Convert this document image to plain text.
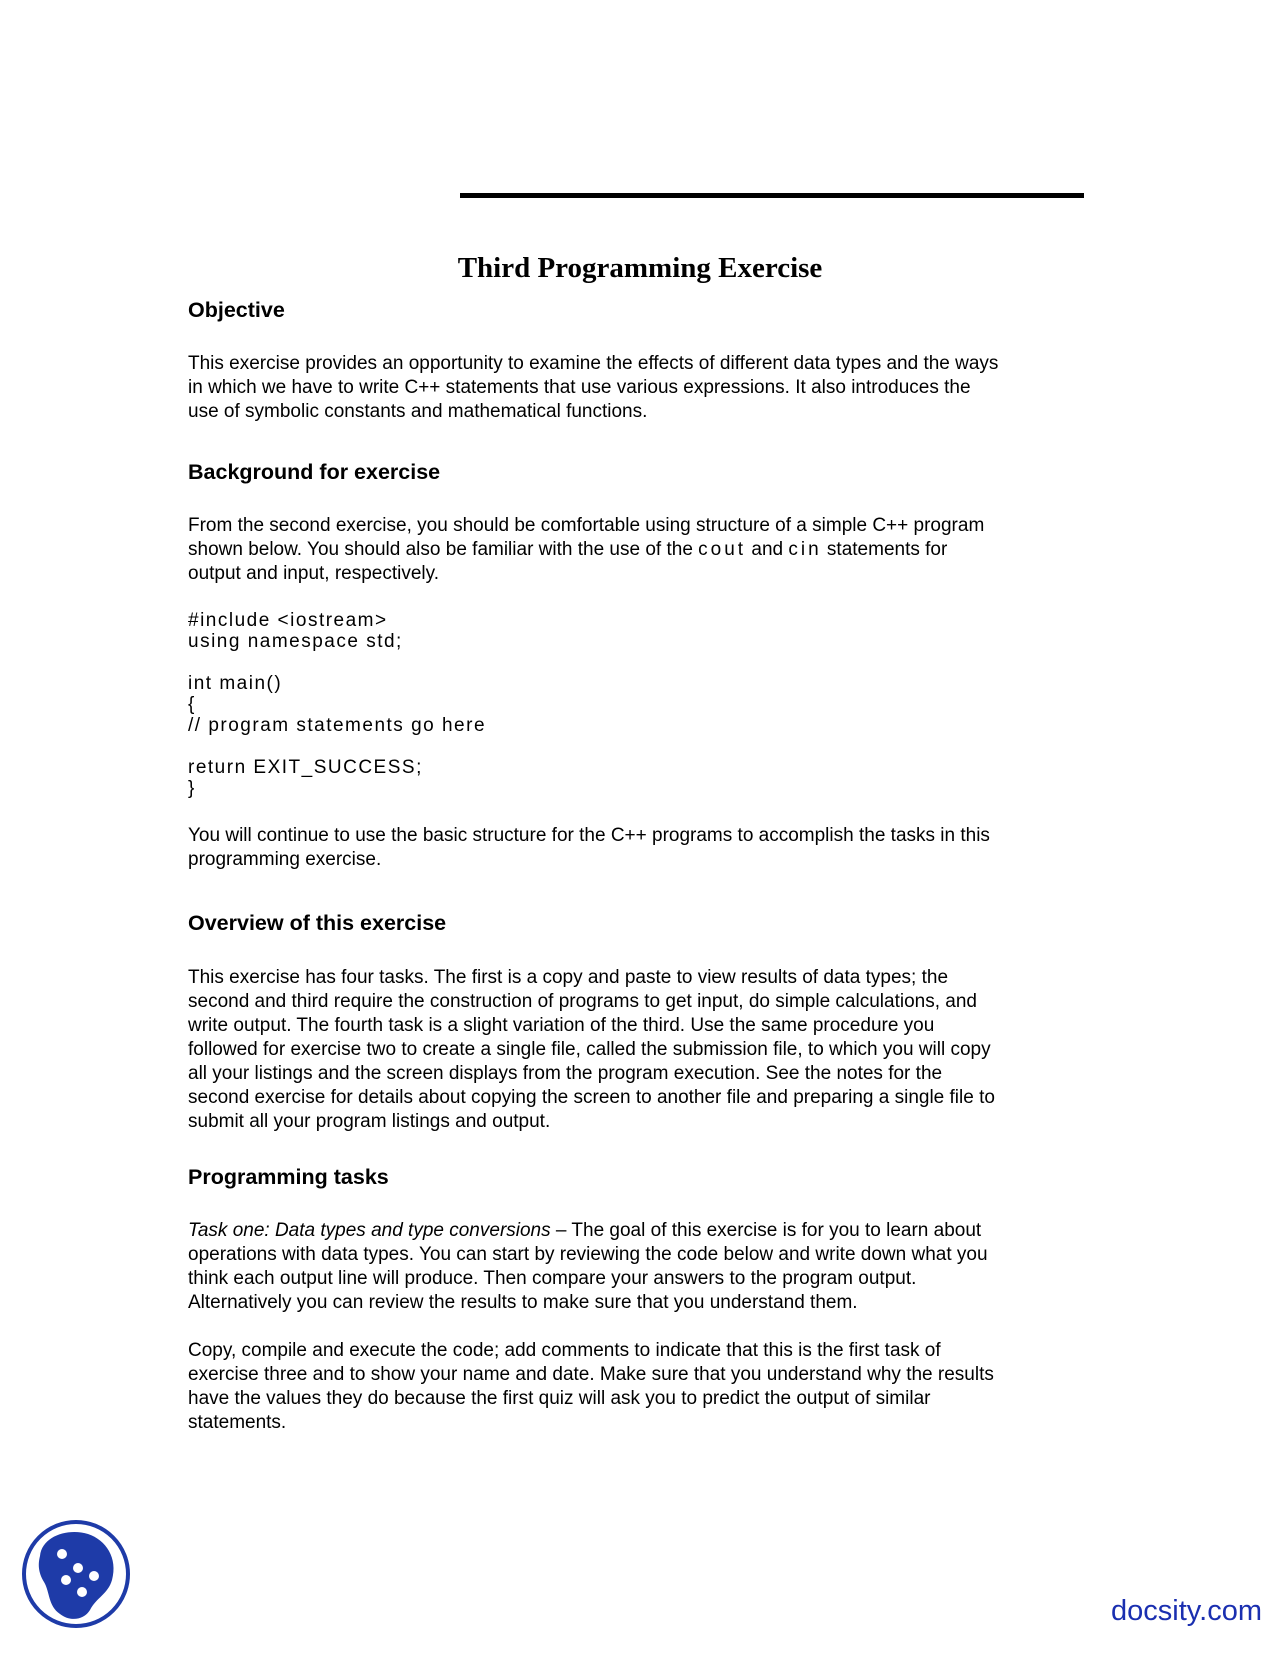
Third Programming Exercise
Objective

This exercise provides an opportunity to examine the effects of different data types and the ways
in which we have to write C++ statements that use various expressions. It also introduces the
use of symbolic constants and mathematical functions.

Background for exercise

From the second exercise, you should be comfortable using structure of a simple C++ program
shown below. You should also be familiar with the use of the cout and cin statements for
output and input, respectively.

#include <iostream>
using namespace std;
int main()
{
// program statements go here
return EXIT_SUCCESS;
}

You will continue to use the basic structure for the C++ programs to accomplish the tasks in this
programming exercise.

Overview of this exercise

This exercise has four tasks. The first is a copy and paste to view results of data types; the
second and third require the construction of programs to get input, do simple calculations, and
write output. The fourth task is a slight variation of the third. Use the same procedure you
followed for exercise two to create a single file, called the submission file, to which you will copy
all your listings and the screen displays from the program execution. See the notes for the
second exercise for details about copying the screen to another file and preparing a single file to
submit all your program listings and output.

Programming tasks

Task one: Data types and type conversions – The goal of this exercise is for you to learn about
operations with data types. You can start by reviewing the code below and write down what you
think each output line will produce. Then compare your answers to the program output.
Alternatively you can review the results to make sure that you understand them.

Copy, compile and execute the code; add comments to indicate that this is the first task of
exercise three and to show your name and date. Make sure that you understand why the results
have the values they do because the first quiz will ask you to predict the output of similar
statements.

docsity.com
